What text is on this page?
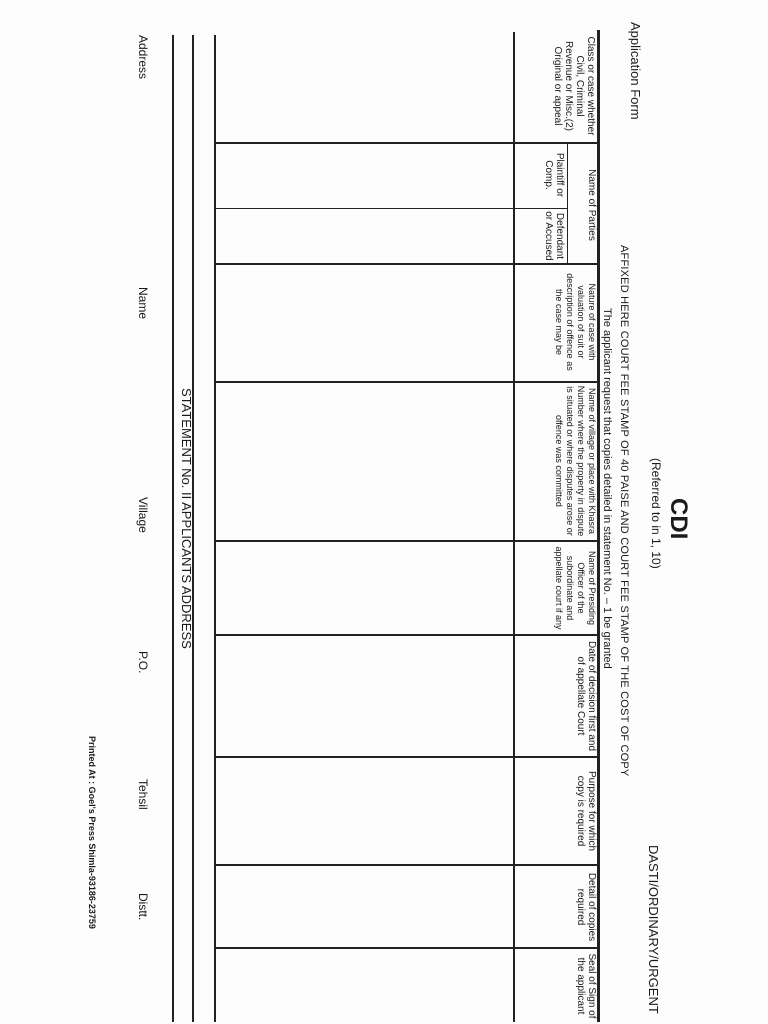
Application Form
CDI
(Referred to in 1, 10)
DASTI/ORDINARY/URGENT
AFFIXED HERE COURT FEE STAMP OF 40 PAISE AND COURT FEE STAMP OF THE COST OF COPY
The applicant request that copies detailed in statement No. – 1 be granted
Class or case whether Civil, Criminal Revenue or Misc.(2) Original or appeal
Name of Parties
Plaintiff or Comp.
Defendant or Accused
Nature of case with valuation of suit or description of offence as the case may be
Name of village or place with Khasra Number where the property in dispute is situated or where disputes arose or offence was committed
Name of Presiding Officer of the subordinate and appellate court if any
Date of decision first and of appellate Court
Purpose for which copy is required
Detail of copies required
Seal of Sign of the applicant
STATEMENT No. II APPLICANTS ADDRESS
Address
Name
Village
P.O.
Tehsil
Distt.
Printed At : Goel's Press Shimla-93186-23759
